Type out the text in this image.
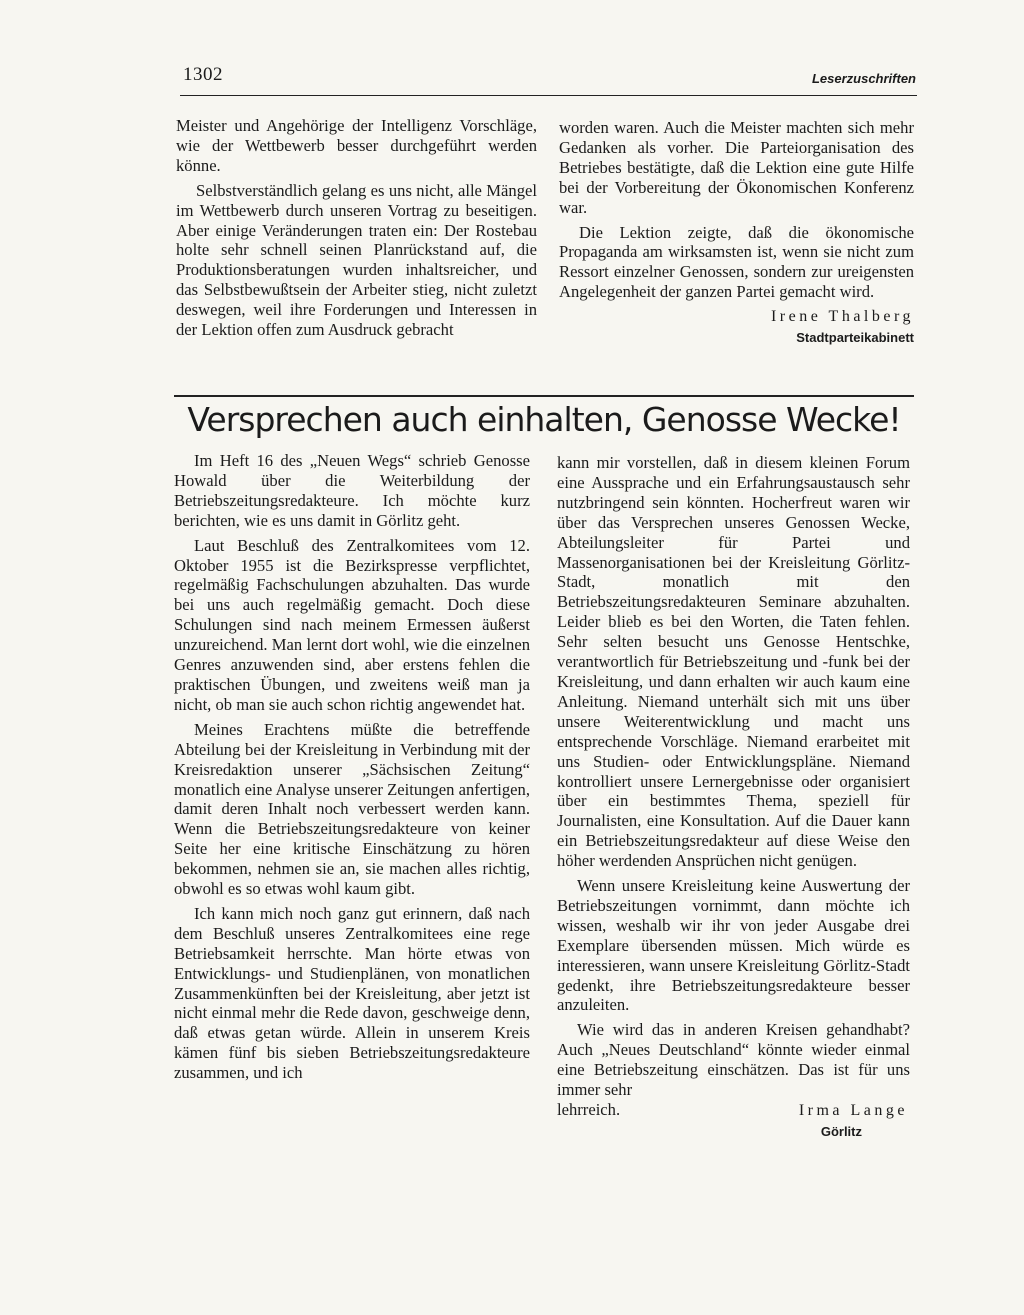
1302	Leserzuschriften

Meister und Angehörige der Intelligenz Vorschläge, wie der Wettbewerb besser durchgeführt werden könne.

Selbstverständlich gelang es uns nicht, alle Mängel im Wettbewerb durch unseren Vortrag zu beseitigen. Aber einige Veränderungen traten ein: Der Rostebau holte sehr schnell seinen Planrückstand auf, die Produktionsberatungen wurden inhaltsreicher, und das Selbstbewußtsein der Arbeiter stieg, nicht zuletzt deswegen, weil ihre Forderungen und Interessen in der Lektion offen zum Ausdruck gebracht

worden waren. Auch die Meister machten sich mehr Gedanken als vorher. Die Parteiorganisation des Betriebes bestätigte, daß die Lektion eine gute Hilfe bei der Vorbereitung der Ökonomischen Konferenz war.

Die Lektion zeigte, daß die ökonomische Propaganda am wirksamsten ist, wenn sie nicht zum Ressort einzelner Genossen, sondern zur ureigensten Angelegenheit der ganzen Partei gemacht wird.

Irene Thalberg
Stadtparteikabinett
Versprechen auch einhalten, Genosse Wecke!

Im Heft 16 des „Neuen Wegs“ schrieb Genosse Howald über die Weiterbildung der Betriebszeitungsredakteure. Ich möchte kurz berichten, wie es uns damit in Görlitz geht.

Laut Beschluß des Zentralkomitees vom 12. Oktober 1955 ist die Bezirkspresse verpflichtet, regelmäßig Fachschulungen abzuhalten. Das wurde bei uns auch regelmäßig gemacht. Doch diese Schulungen sind nach meinem Ermessen äußerst unzureichend. Man lernt dort wohl, wie die einzelnen Genres anzuwenden sind, aber erstens fehlen die praktischen Übungen, und zweitens weiß man ja nicht, ob man sie auch schon richtig angewendet hat.

Meines Erachtens müßte die betreffende Abteilung bei der Kreisleitung in Verbindung mit der Kreisredaktion unserer „Sächsischen Zeitung“ monatlich eine Analyse unserer Zeitungen anfertigen, damit deren Inhalt noch verbessert werden kann. Wenn die Betriebszeitungsredakteure von keiner Seite her eine kritische Einschätzung zu hören bekommen, nehmen sie an, sie machen alles richtig, obwohl es so etwas wohl kaum gibt.

Ich kann mich noch ganz gut erinnern, daß nach dem Beschluß unseres Zentralkomitees eine rege Betriebsamkeit herrschte. Man hörte etwas von Entwicklungs- und Studienplänen, von monatlichen Zusammenkünften bei der Kreisleitung, aber jetzt ist nicht einmal mehr die Rede davon, geschweige denn, daß etwas getan würde. Allein in unserem Kreis kämen fünf bis sieben Betriebszeitungsredakteure zusammen, und ich

kann mir vorstellen, daß in diesem kleinen Forum eine Aussprache und ein Erfahrungsaustausch sehr nutzbringend sein könnten. Hocherfreut waren wir über das Versprechen unseres Genossen Wecke, Abteilungsleiter für Partei und Massenorganisationen bei der Kreisleitung Görlitz-Stadt, monatlich mit den Betriebszeitungsredakteuren Seminare abzuhalten. Leider blieb es bei den Worten, die Taten fehlen. Sehr selten besucht uns Genosse Hentschke, verantwortlich für Betriebszeitung und -funk bei der Kreisleitung, und dann erhalten wir auch kaum eine Anleitung. Niemand unterhält sich mit uns über unsere Weiterentwicklung und macht uns entsprechende Vorschläge. Niemand erarbeitet mit uns Studien- oder Entwicklungspläne. Niemand kontrolliert unsere Lernergebnisse oder organisiert über ein bestimmtes Thema, speziell für Journalisten, eine Konsultation. Auf die Dauer kann ein Betriebszeitungsredakteur auf diese Weise den höher werdenden Ansprüchen nicht genügen.

Wenn unsere Kreisleitung keine Auswertung der Betriebszeitungen vornimmt, dann möchte ich wissen, weshalb wir ihr von jeder Ausgabe drei Exemplare übersenden müssen. Mich würde es interessieren, wann unsere Kreisleitung Görlitz-Stadt gedenkt, ihre Betriebszeitungsredakteure besser anzuleiten.

Wie wird das in anderen Kreisen gehandhabt? Auch „Neues Deutschland“ könnte wieder einmal eine Betriebszeitung einschätzen. Das ist für uns immer sehr

lehrreich.	Irma Lange
Görlitz
